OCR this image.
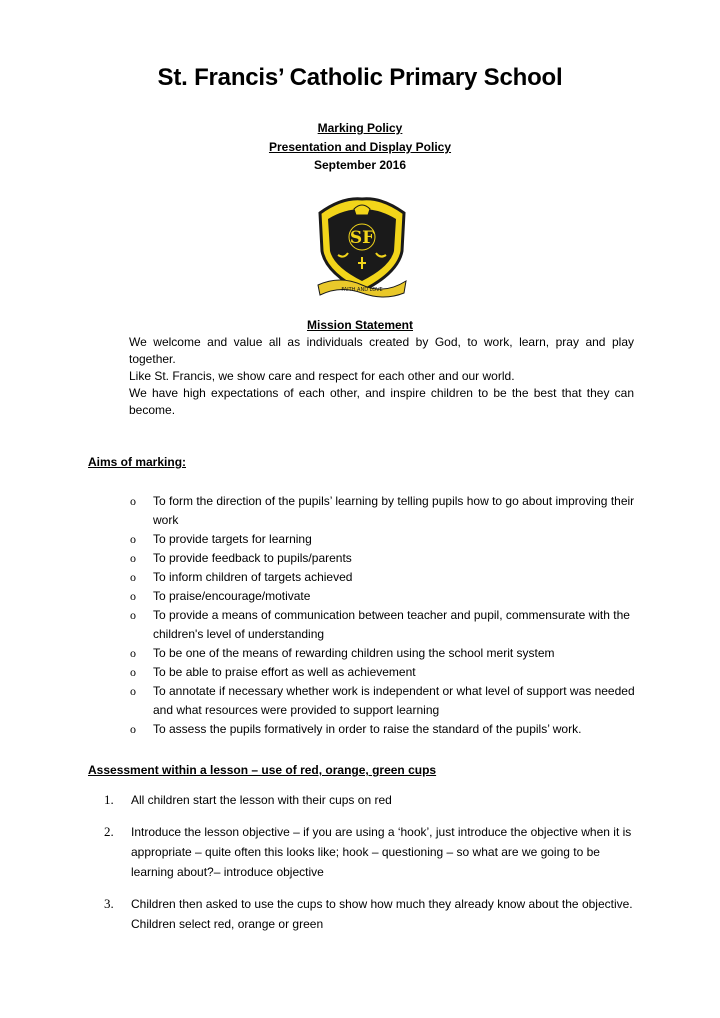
St. Francis’ Catholic Primary School
Marking Policy
Presentation and Display Policy
September 2016
SF
FAITH AND LOVE
Mission Statement

We welcome and value all as individuals created by God, to work, learn, pray and play together.

Like St. Francis, we show care and respect for each other and our world.

We have high expectations of each other, and inspire children to be the best that they can become.

Aims of marking:
o To form the direction of the pupils’ learning by telling pupils how to go about improving their work
o To provide targets for learning
o To provide feedback to pupils/parents
o To inform children of targets achieved
o To praise/encourage/motivate
o To provide a means of communication between teacher and pupil, commensurate with the children's level of understanding
o To be one of the means of rewarding children using the school merit system
o To be able to praise effort as well as achievement
o To annotate if necessary whether work is independent or what level of support was needed and what resources were provided to support learning
o To assess the pupils formatively in order to raise the standard of the pupils’ work.
Assessment within a lesson – use of red, orange, green cups
1. All children start the lesson with their cups on red
2. Introduce the lesson objective – if you are using a ‘hook’, just introduce the objective when it is appropriate – quite often this looks like; hook – questioning – so what are we going to be learning about?– introduce objective
3. Children then asked to use the cups to show how much they already know about the objective. Children select red, orange or green
